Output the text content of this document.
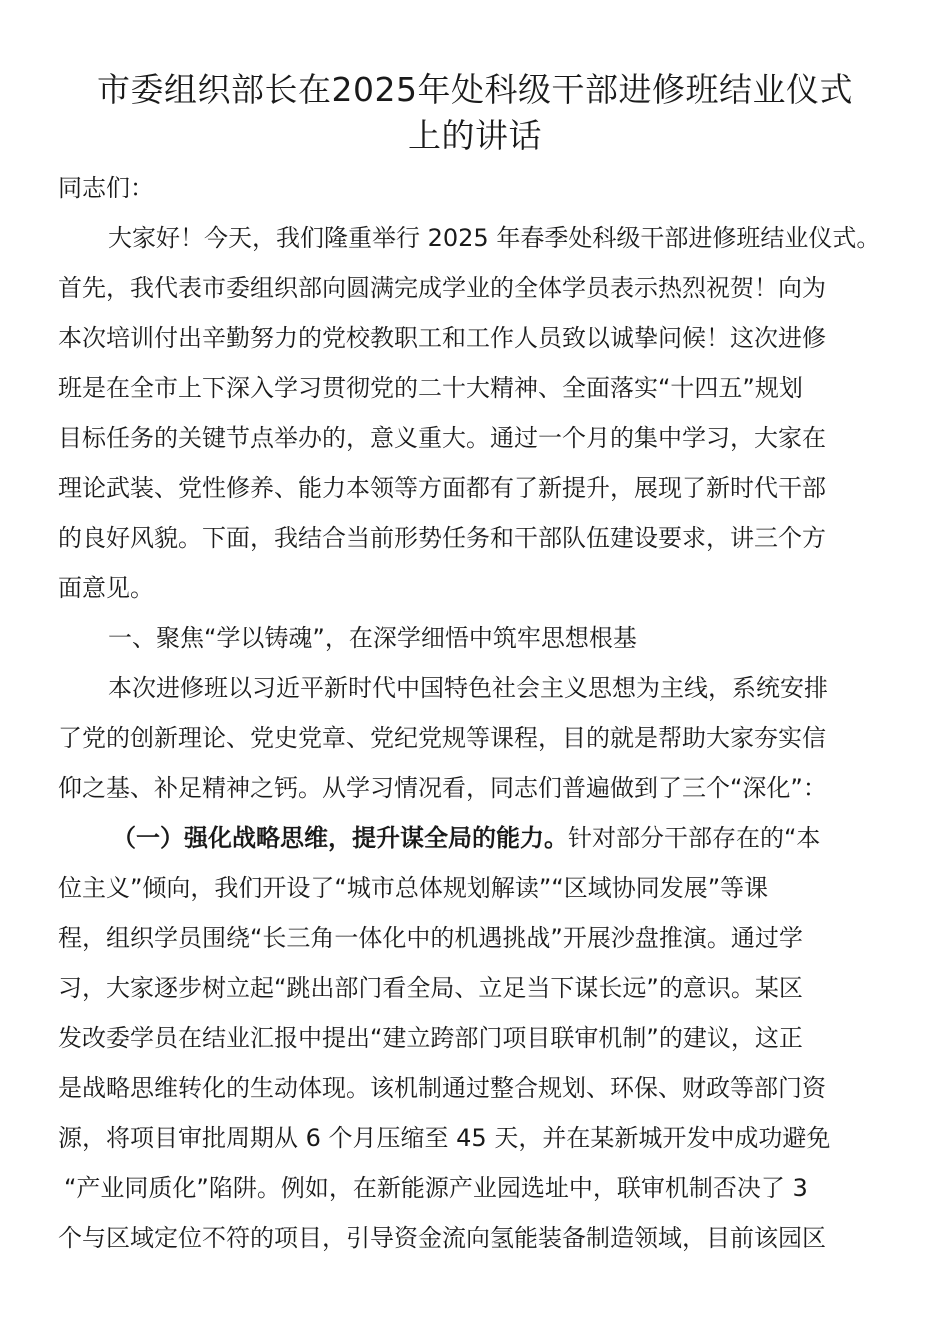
市委组织部长在2025年处科级干部进修班结业仪式
上的讲话

同志们：

大家好！今天，我们隆重举行 2025 年春季处科级干部进修班结业仪式。

首先，我代表市委组织部向圆满完成学业的全体学员表示热烈祝贺！向为

本次培训付出辛勤努力的党校教职工和工作人员致以诚挚问候！这次进修

班是在全市上下深入学习贯彻党的二十大精神、全面落实“十四五”规划

目标任务的关键节点举办的，意义重大。通过一个月的集中学习，大家在

理论武装、党性修养、能力本领等方面都有了新提升，展现了新时代干部

的良好风貌。下面，我结合当前形势任务和干部队伍建设要求，讲三个方

面意见。

一、聚焦“学以铸魂”，在深学细悟中筑牢思想根基

本次进修班以习近平新时代中国特色社会主义思想为主线，系统安排

了党的创新理论、党史党章、党纪党规等课程，目的就是帮助大家夯实信

仰之基、补足精神之钙。从学习情况看，同志们普遍做到了三个“深化”：

（一）强化战略思维，提升谋全局的能力。针对部分干部存在的“本

位主义”倾向，我们开设了“城市总体规划解读”“区域协同发展”等课

程，组织学员围绕“长三角一体化中的机遇挑战”开展沙盘推演。通过学

习，大家逐步树立起“跳出部门看全局、立足当下谋长远”的意识。某区

发改委学员在结业汇报中提出“建立跨部门项目联审机制”的建议，这正

是战略思维转化的生动体现。该机制通过整合规划、环保、财政等部门资

源，将项目审批周期从 6 个月压缩至 45 天，并在某新城开发中成功避免

“产业同质化”陷阱。例如，在新能源产业园选址中，联审机制否决了 3

个与区域定位不符的项目，引导资金流向氢能装备制造领域，目前该园区
